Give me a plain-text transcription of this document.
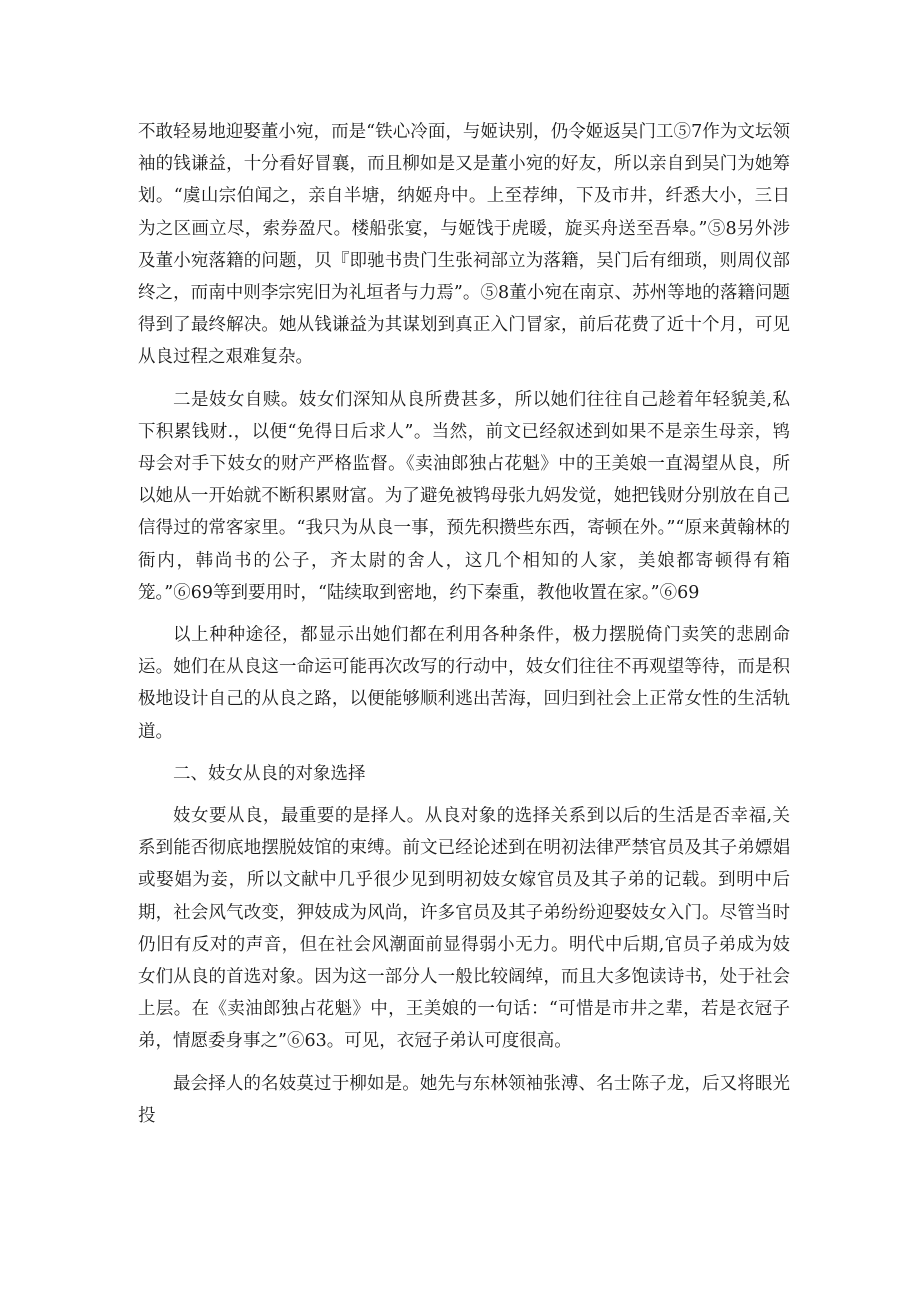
不敢轻易地迎娶董小宛，而是“铁心冷面，与姬诀别，仍令姬返吴门工⑤7作为文坛领袖的钱谦益，十分看好冒襄，而且柳如是又是董小宛的好友，所以亲自到吴门为她筹划。“虞山宗伯闻之，亲自半塘，纳姬舟中。上至荐绅，下及市井，纤悉大小，三日为之区画立尽，索券盈尺。楼船张宴，与姬饯于虎暖，旋买舟送至吾皋。”⑤8另外涉及董小宛落籍的问题，贝『即驰书贵门生张祠部立为落籍，吴门后有细琐，则周仪部终之，而南中则李宗宪旧为礼垣者与力焉”。⑤8董小宛在南京、苏州等地的落籍问题得到了最终解决。她从钱谦益为其谋划到真正入门冒家，前后花费了近十个月，可见从良过程之艰难复杂。

二是妓女自赎。妓女们深知从良所费甚多，所以她们往往自己趁着年轻貌美,私下积累钱财.，以便“免得日后求人”。当然，前文已经叙述到如果不是亲生母亲，鸨母会对手下妓女的财产严格监督。《卖油郎独占花魁》中的王美娘一直渴望从良，所以她从一开始就不断积累财富。为了避免被鸨母张九妈发觉，她把钱财分别放在自己信得过的常客家里。“我只为从良一事，预先积攒些东西，寄顿在外。”“原来黄翰林的衙内，韩尚书的公子，齐太尉的舍人，这几个相知的人家，美娘都寄顿得有箱笼。”⑥69等到要用时，“陆续取到密地，约下秦重，教他收置在家。”⑥69

以上种种途径，都显示出她们都在利用各种条件，极力摆脱倚门卖笑的悲剧命运。她们在从良这一命运可能再次改写的行动中，妓女们往往不再观望等待，而是积极地设计自己的从良之路，以便能够顺利逃出苦海，回归到社会上正常女性的生活轨道。

二、妓女从良的对象选择

妓女要从良，最重要的是择人。从良对象的选择关系到以后的生活是否幸福,关系到能否彻底地摆脱妓馆的束缚。前文已经论述到在明初法律严禁官员及其子弟嫖娼或娶娼为妾，所以文献中几乎很少见到明初妓女嫁官员及其子弟的记载。到明中后期，社会风气改变，狎妓成为风尚，许多官员及其子弟纷纷迎娶妓女入门。尽管当时仍旧有反对的声音，但在社会风潮面前显得弱小无力。明代中后期,官员子弟成为妓女们从良的首选对象。因为这一部分人一般比较阔绰，而且大多饱读诗书，处于社会上层。在《卖油郎独占花魁》中，王美娘的一句话：“可惜是市井之辈，若是衣冠子弟，情愿委身事之”⑥63。可见，衣冠子弟认可度很高。

最会择人的名妓莫过于柳如是。她先与东林领袖张溥、名士陈子龙，后又将眼光投
